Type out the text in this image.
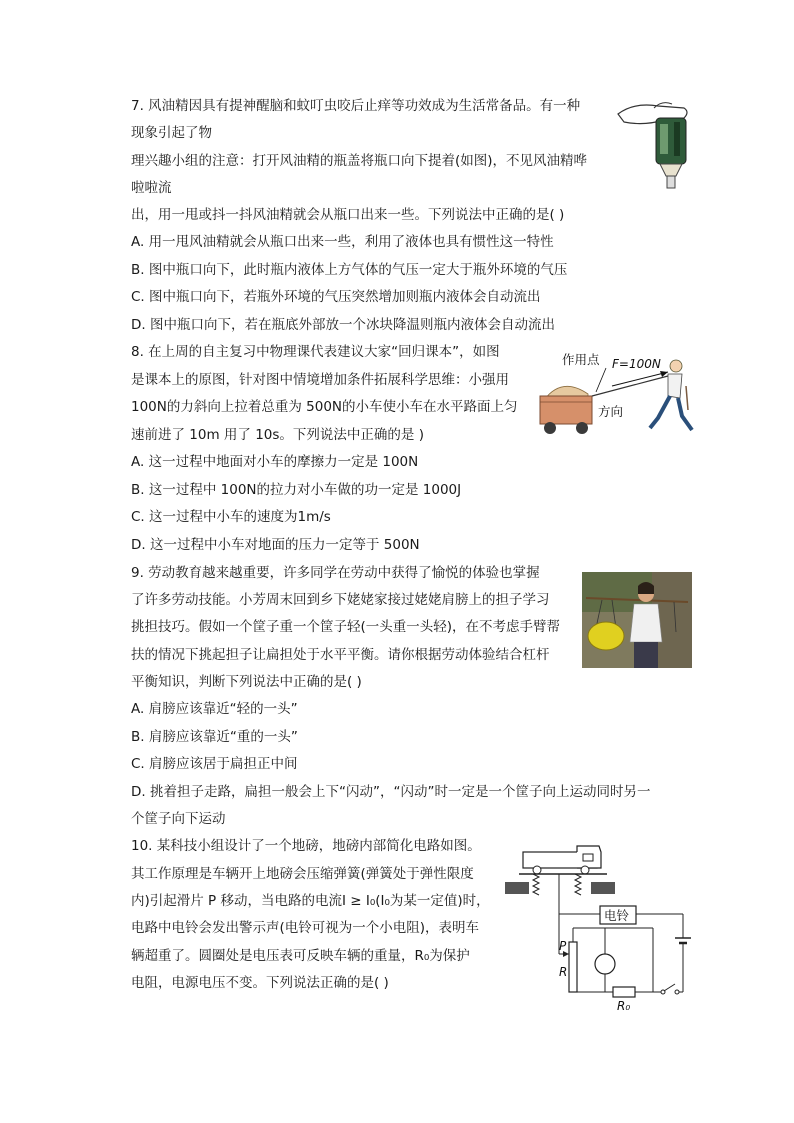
7. 风油精因具有提神醒脑和蚊叮虫咬后止痒等功效成为生活常备品。有一种
现象引起了物
理兴趣小组的注意：打开风油精的瓶盖将瓶口向下提着(如图)，不见风油精哗
啦啦流
出，用一甩或抖一抖风油精就会从瓶口出来一些。下列说法中正确的是( )
A. 用一甩风油精就会从瓶口出来一些，利用了液体也具有惯性这一特性
B. 图中瓶口向下，此时瓶内液体上方气体的气压一定大于瓶外环境的气压
C. 图中瓶口向下，若瓶外环境的气压突然增加则瓶内液体会自动流出
D. 图中瓶口向下，若在瓶底外部放一个冰块降温则瓶内液体会自动流出
8. 在上周的自主复习中物理课代表建议大家“回归课本”，如图
是课本上的原图，针对图中情境增加条件拓展科学思维：小强用
100N的力斜向上拉着总重为 500N的小车使小车在水平路面上匀
速前进了 10m 用了 10s。下列说法中正确的是 )
A. 这一过程中地面对小车的摩擦力一定是 100N
B. 这一过程中 100N的拉力对小车做的功一定是 1000J
C. 这一过程中小车的速度为1m/s
D. 这一过程中小车对地面的压力一定等于 500N
作用点 F=100N
方向
9. 劳动教育越来越重要，许多同学在劳动中获得了愉悦的体验也掌握
了许多劳动技能。小芳周末回到乡下姥姥家接过姥姥肩膀上的担子学习
挑担技巧。假如一个筐子重一个筐子轻(一头重一头轻)，在不考虑手臂帮
扶的情况下挑起担子让扁担处于水平平衡。请你根据劳动体验结合杠杆
平衡知识，判断下列说法中正确的是( )
A. 肩膀应该靠近“轻的一头”
B. 肩膀应该靠近“重的一头”
C. 肩膀应该居于扁担正中间
D. 挑着担子走路，扁担一般会上下“闪动”，“闪动”时一定是一个筐子向上运动同时另一
个筐子向下运动
10. 某科技小组设计了一个地磅，地磅内部简化电路如图。
其工作原理是车辆开上地磅会压缩弹簧(弹簧处于弹性限度
内)引起滑片 P 移动，当电路的电流I ≥ I₀(I₀为某一定值)时，
电路中电铃会发出警示声(电铃可视为一个小电阻)，表明车
辆超重了。圆圈处是电压表可反映车辆的重量，R₀为保护
电阻，电源电压不变。下列说法正确的是( )
电铃
P
R
R₀
